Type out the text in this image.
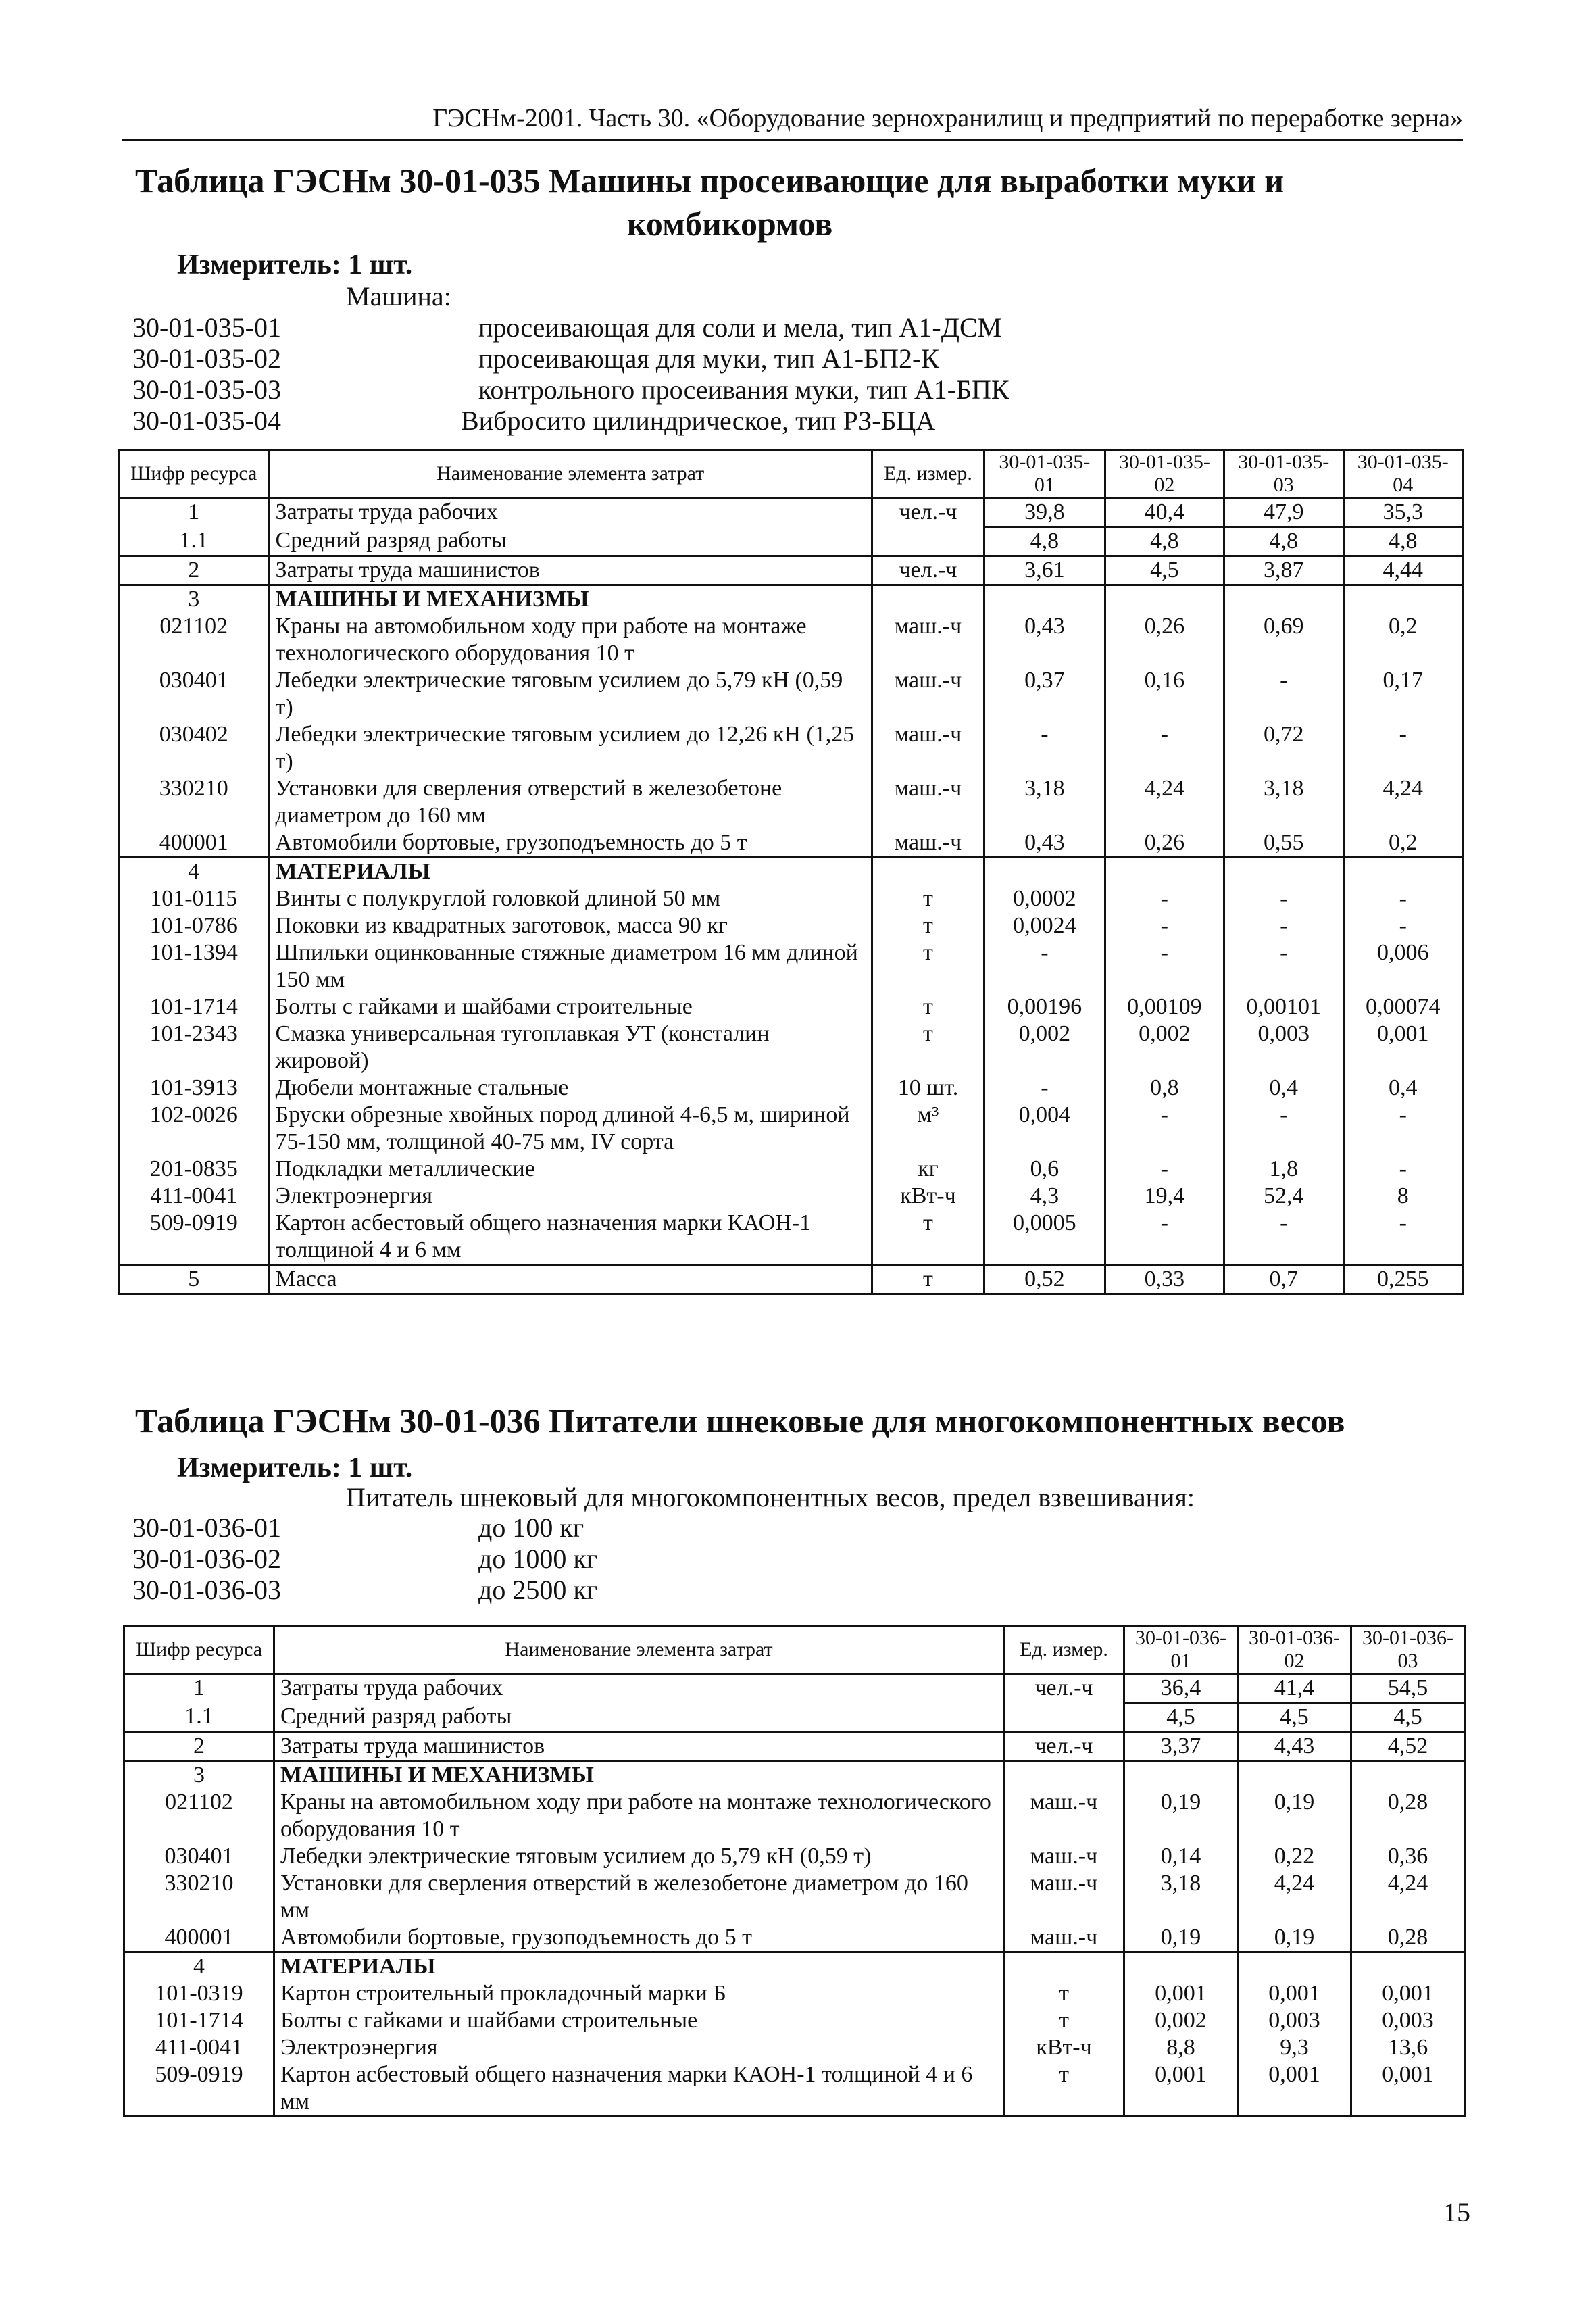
ГЭСНм-2001. Часть 30. «Оборудование зернохранилищ и предприятий по переработке зерна»
Таблица ГЭСНм 30-01-035 Машины просеивающие для выработки муки и
комбикормов
Измеритель: 1 шт.
Машина:
30-01-035-01	просеивающая для соли и мела, тип А1-ДСМ
30-01-035-02	просеивающая для муки, тип А1-БП2-К
30-01-035-03	контрольного просеивания муки, тип А1-БПК
30-01-035-04	Вибросито цилиндрическое, тип РЗ-БЦА
Шифр ресурса	Наименование элемента затрат	Ед. измер.	30-01-035-01	30-01-035-02	30-01-035-03	30-01-035-04
1	Затраты труда рабочих	чел.-ч	39,8	40,4	47,9	35,3
1.1	Средний разряд работы		4,8	4,8	4,8	4,8
2	Затраты труда машинистов	чел.-ч	3,61	4,5	3,87	4,44
3	МАШИНЫ И МЕХАНИЗМЫ					
021102	Краны на автомобильном ходу при работе на монтаже технологического оборудования 10 т	маш.-ч	0,43	0,26	0,69	0,2
030401	Лебедки электрические тяговым усилием до 5,79 кН (0,59 т)	маш.-ч	0,37	0,16	-	0,17
030402	Лебедки электрические тяговым усилием до 12,26 кН (1,25 т)	маш.-ч	-	-	0,72	-
330210	Установки для сверления отверстий в железобетоне диаметром до 160 мм	маш.-ч	3,18	4,24	3,18	4,24
400001	Автомобили бортовые, грузоподъемность до 5 т	маш.-ч	0,43	0,26	0,55	0,2
4	МАТЕРИАЛЫ					
101-0115	Винты с полукруглой головкой длиной 50 мм	т	0,0002	-	-	-
101-0786	Поковки из квадратных заготовок, масса 90 кг	т	0,0024	-	-	-
101-1394	Шпильки оцинкованные стяжные диаметром 16 мм длиной 150 мм	т	-	-	-	0,006
101-1714	Болты с гайками и шайбами строительные	т	0,00196	0,00109	0,00101	0,00074
101-2343	Смазка универсальная тугоплавкая УТ (консталин жировой)	т	0,002	0,002	0,003	0,001
101-3913	Дюбели монтажные стальные	10 шт.	-	0,8	0,4	0,4
102-0026	Бруски обрезные хвойных пород длиной 4-6,5 м, шириной 75-150 мм, толщиной 40-75 мм, IV сорта	м³	0,004	-	-	-
201-0835	Подкладки металлические	кг	0,6	-	1,8	-
411-0041	Электроэнергия	кВт-ч	4,3	19,4	52,4	8
509-0919	Картон асбестовый общего назначения марки КАОН-1 толщиной 4 и 6 мм	т	0,0005	-	-	-
5	Масса	т	0,52	0,33	0,7	0,255
Таблица ГЭСНм 30-01-036 Питатели шнековые для многокомпонентных весов
Измеритель: 1 шт.
Питатель шнековый для многокомпонентных весов, предел взвешивания:
30-01-036-01	до 100 кг
30-01-036-02	до 1000 кг
30-01-036-03	до 2500 кг
Шифр ресурса	Наименование элемента затрат	Ед. измер.	30-01-036-01	30-01-036-02	30-01-036-03
1	Затраты труда рабочих	чел.-ч	36,4	41,4	54,5
1.1	Средний разряд работы		4,5	4,5	4,5
2	Затраты труда машинистов	чел.-ч	3,37	4,43	4,52
3	МАШИНЫ И МЕХАНИЗМЫ				
021102	Краны на автомобильном ходу при работе на монтаже технологического оборудования 10 т	маш.-ч	0,19	0,19	0,28
030401	Лебедки электрические тяговым усилием до 5,79 кН (0,59 т)	маш.-ч	0,14	0,22	0,36
330210	Установки для сверления отверстий в железобетоне диаметром до 160 мм	маш.-ч	3,18	4,24	4,24
400001	Автомобили бортовые, грузоподъемность до 5 т	маш.-ч	0,19	0,19	0,28
4	МАТЕРИАЛЫ				
101-0319	Картон строительный прокладочный марки Б	т	0,001	0,001	0,001
101-1714	Болты с гайками и шайбами строительные	т	0,002	0,003	0,003
411-0041	Электроэнергия	кВт-ч	8,8	9,3	13,6
509-0919	Картон асбестовый общего назначения марки КАОН-1 толщиной 4 и 6 мм	т	0,001	0,001	0,001
15
